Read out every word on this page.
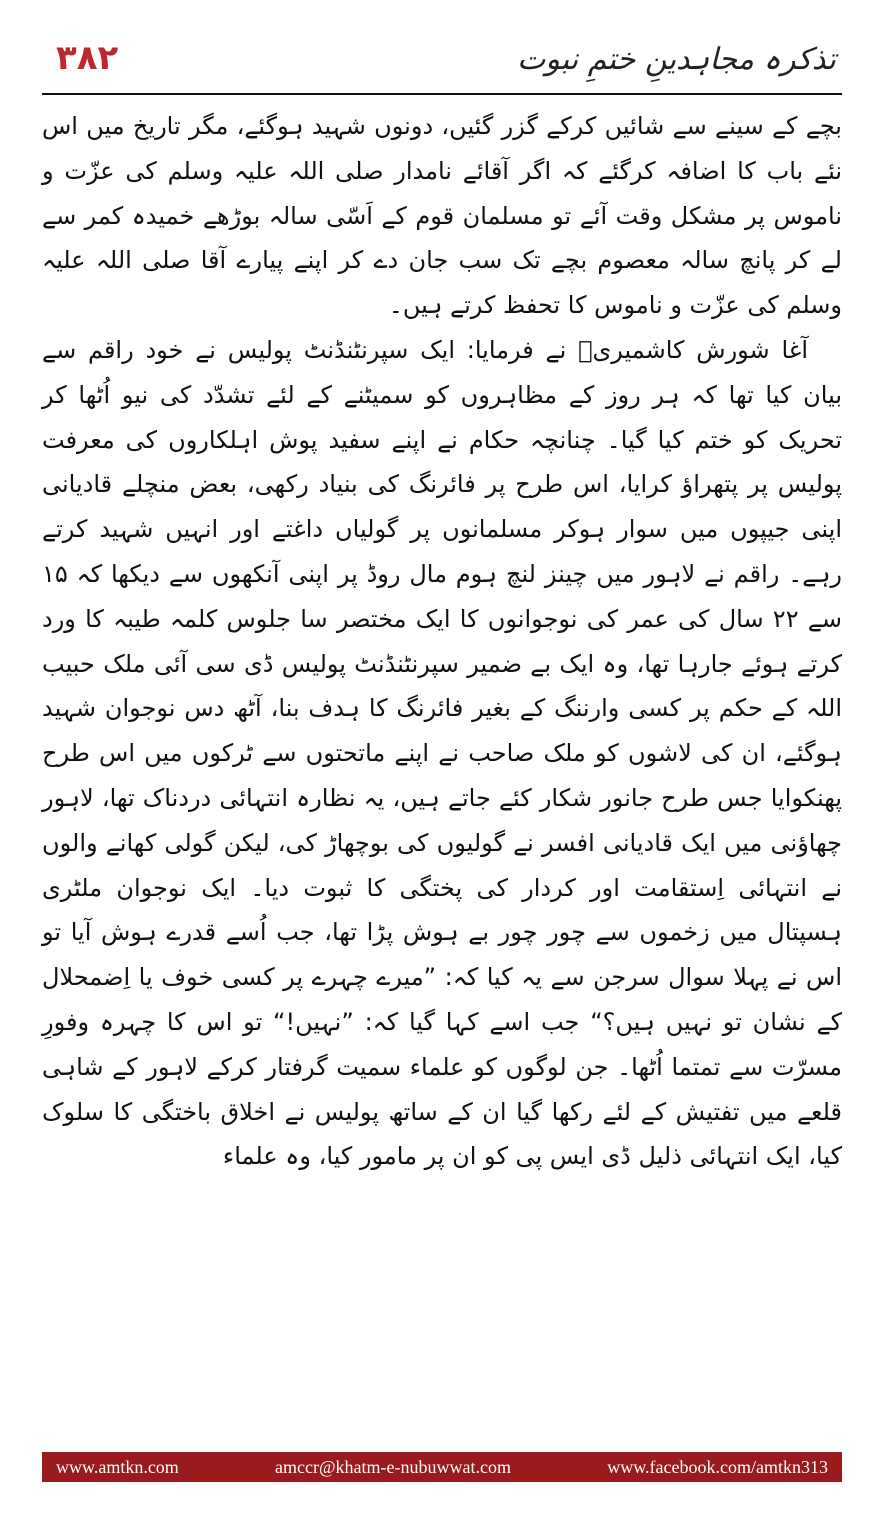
۳۸۲	تذکرہ مجاہدینِ ختمِ نبوت

بچے کے سینے سے شائیں کرکے گزر گئیں، دونوں شہید ہوگئے، مگر تاریخ میں اس نئے باب کا اضافہ کرگئے کہ اگر آقائے نامدار صلی اللہ علیہ وسلم کی عزّت و ناموس پر مشکل وقت آئے تو مسلمان قوم کے اَسّی سالہ بوڑھے خمیدہ کمر سے لے کر پانچ سالہ معصوم بچے تک سب جان دے کر اپنے پیارے آقا صلی اللہ علیہ وسلم کی عزّت و ناموس کا تحفظ کرتے ہیں۔

آغا شورش کاشمیریؒ نے فرمایا: ایک سپرنٹنڈنٹ پولیس نے خود راقم سے بیان کیا تھا کہ ہر روز کے مظاہروں کو سمیٹنے کے لئے تشدّد کی نیو اُٹھا کر تحریک کو ختم کیا گیا۔ چنانچہ حکام نے اپنے سفید پوش اہلکاروں کی معرفت پولیس پر پتھراؤ کرایا، اس طرح پر فائرنگ کی بنیاد رکھی، بعض منچلے قادیانی اپنی جیپوں میں سوار ہوکر مسلمانوں پر گولیاں داغتے اور انہیں شہید کرتے رہے۔ راقم نے لاہور میں چینز لنچ ہوم مال روڈ پر اپنی آنکھوں سے دیکھا کہ ۱۵ سے ۲۲ سال کی عمر کی نوجوانوں کا ایک مختصر سا جلوس کلمہ طیبہ کا ورد کرتے ہوئے جارہا تھا، وہ ایک بے ضمیر سپرنٹنڈنٹ پولیس ڈی سی آئی ملک حبیب اللہ کے حکم پر کسی وارننگ کے بغیر فائرنگ کا ہدف بنا، آٹھ دس نوجوان شہید ہوگئے، ان کی لاشوں کو ملک صاحب نے اپنے ماتحتوں سے ٹرکوں میں اس طرح پھنکوایا جس طرح جانور شکار کئے جاتے ہیں، یہ نظارہ انتہائی دردناک تھا، لاہور چھاؤنی میں ایک قادیانی افسر نے گولیوں کی بوچھاڑ کی، لیکن گولی کھانے والوں نے انتہائی اِستقامت اور کردار کی پختگی کا ثبوت دیا۔ ایک نوجوان ملٹری ہسپتال میں زخموں سے چور چور بے ہوش پڑا تھا، جب اُسے قدرے ہوش آیا تو اس نے پہلا سوال سرجن سے یہ کیا کہ: ”میرے چہرے پر کسی خوف یا اِضمحلال کے نشان تو نہیں ہیں؟“ جب اسے کہا گیا کہ: ”نہیں!“ تو اس کا چہرہ وفورِ مسرّت سے تمتما اُٹھا۔ جن لوگوں کو علماء سمیت گرفتار کرکے لاہور کے شاہی قلعے میں تفتیش کے لئے رکھا گیا ان کے ساتھ پولیس نے اخلاق باختگی کا سلوک کیا، ایک انتہائی ذلیل ڈی ایس پی کو ان پر مامور کیا، وہ علماء

www.amtkn.com	amccr@khatm-e-nubuwwat.com	www.facebook.com/amtkn313
